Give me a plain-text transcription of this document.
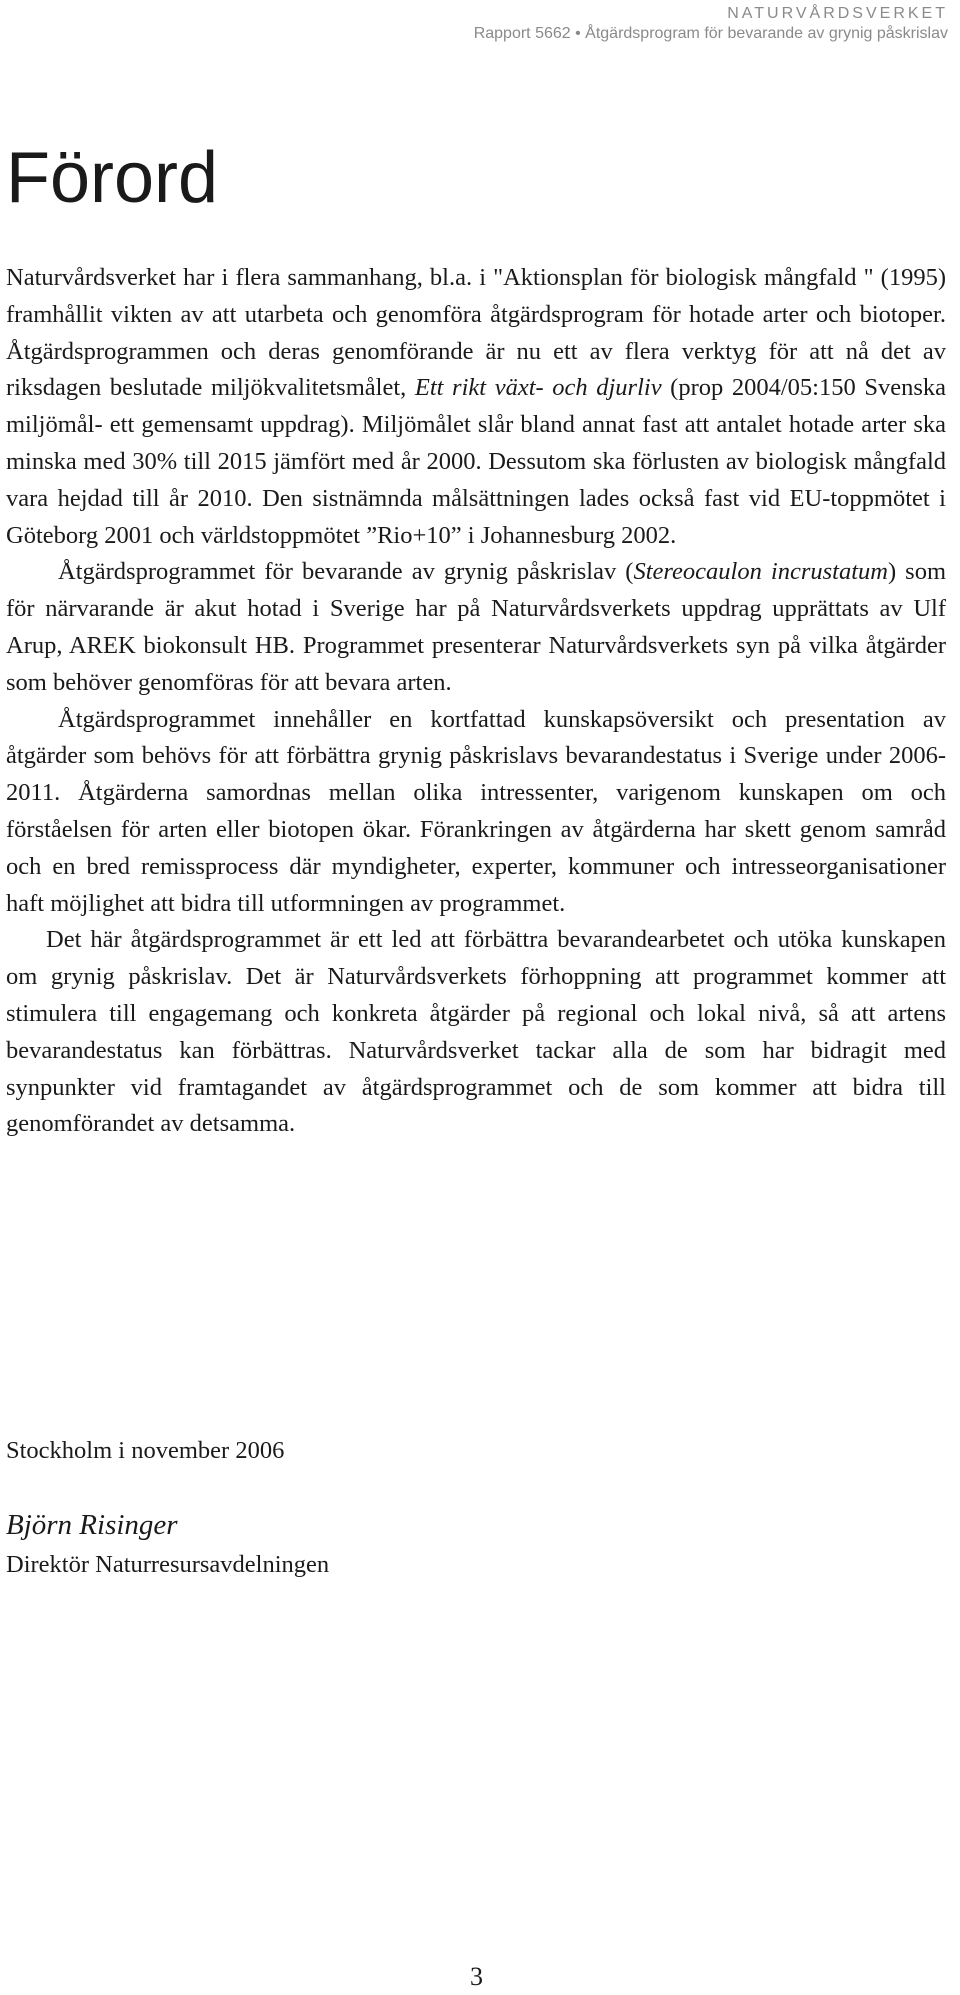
NATURVÅRDSVERKET
Rapport 5662 • Åtgärdsprogram för bevarande av grynig påskrislav
Förord

Naturvårdsverket har i flera sammanhang, bl.a. i "Aktionsplan för biologisk mångfald " (1995) framhållit vikten av att utarbeta och genomföra åtgärdsprogram för hotade arter och biotoper. Åtgärdsprogrammen och deras genomförande är nu ett av flera verktyg för att nå det av riksdagen beslutade miljökvalitetsmålet, Ett rikt växt- och djurliv (prop 2004/05:150 Svenska miljömål- ett gemensamt uppdrag). Miljömålet slår bland annat fast att antalet hotade arter ska minska med 30% till 2015 jämfört med år 2000. Dessutom ska förlusten av biologisk mångfald vara hejdad till år 2010. Den sistnämnda målsättningen lades också fast vid EU-toppmötet i Göteborg 2001 och världstoppmötet ”Rio+10” i Johannesburg 2002.

Åtgärdsprogrammet för bevarande av grynig påskrislav (Stereocaulon incrustatum) som för närvarande är akut hotad i Sverige har på Naturvårdsverkets uppdrag upprättats av Ulf Arup, AREK biokonsult HB. Programmet presenterar Naturvårdsverkets syn på vilka åtgärder som behöver genomföras för att bevara arten.

Åtgärdsprogrammet innehåller en kortfattad kunskapsöversikt och presentation av åtgärder som behövs för att förbättra grynig påskrislavs bevarandestatus i Sverige under 2006-2011. Åtgärderna samordnas mellan olika intressenter, varigenom kunskapen om och förståelsen för arten eller biotopen ökar. Förankringen av åtgärderna har skett genom samråd och en bred remissprocess där myndigheter, experter, kommuner och intresseorganisationer haft möjlighet att bidra till utformningen av programmet.

Det här åtgärdsprogrammet är ett led att förbättra bevarandearbetet och utöka kunskapen om grynig påskrislav. Det är Naturvårdsverkets förhoppning att programmet kommer att stimulera till engagemang och konkreta åtgärder på regional och lokal nivå, så att artens bevarandestatus kan förbättras. Naturvårdsverket tackar alla de som har bidragit med synpunkter vid framtagandet av åtgärdsprogrammet och de som kommer att bidra till genomförandet av detsamma.

Stockholm i november 2006
Björn Risinger
Direktör Naturresursavdelningen
3
